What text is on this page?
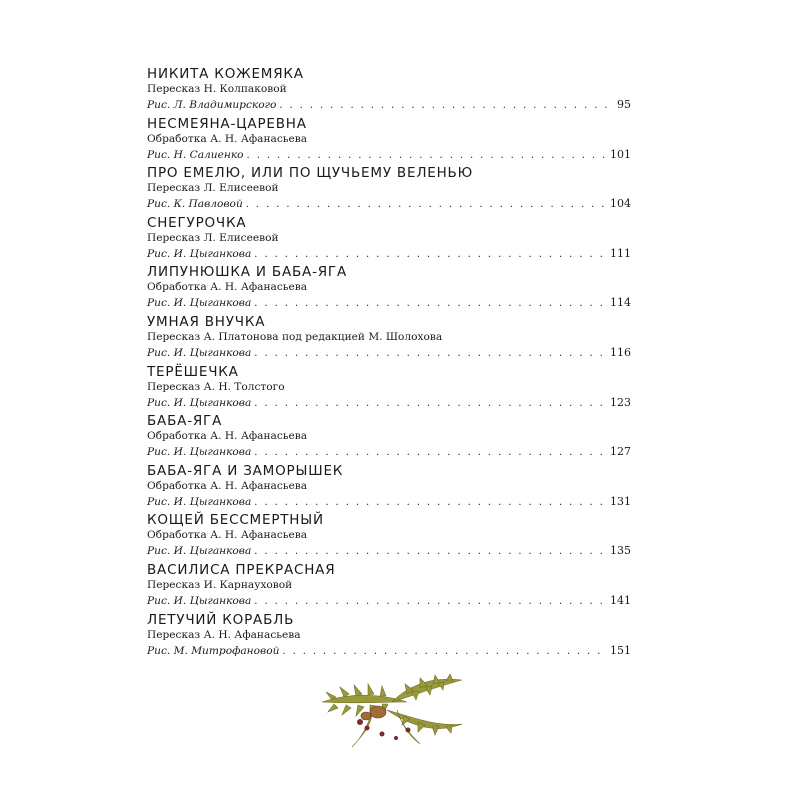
НИКИТА КОЖЕМЯКА
Пересказ Н. Колпаковой
Рис. Л. Владимирского . . .	95
НЕСМЕЯНА-ЦАРЕВНА
Обработка А. Н. Афанасьева
Рис. Н. Салиенко . . .	101
ПРО ЕМЕЛЮ, ИЛИ ПО ЩУЧЬЕМУ ВЕЛЕНЬЮ
Пересказ Л. Елисеевой
Рис. К. Павловой . . .	104
СНЕГУРОЧКА
Пересказ Л. Елисеевой
Рис. И. Цыганкова . . .	111
ЛИПУНЮШКА И БАБА-ЯГА
Обработка А. Н. Афанасьева
Рис. И. Цыганкова . . .	114
УМНАЯ ВНУЧКА
Пересказ А. Платонова под редакцией М. Шолохова
Рис. И. Цыганкова . . .	116
ТЕРЁШЕЧКА
Пересказ А. Н. Толстого
Рис. И. Цыганкова . . .	123
БАБА-ЯГА
Обработка А. Н. Афанасьева
Рис. И. Цыганкова . . .	127
БАБА-ЯГА И ЗАМОРЫШЕК
Обработка А. Н. Афанасьева
Рис. И. Цыганкова . . .	131
КОЩЕЙ БЕССМЕРТНЫЙ
Обработка А. Н. Афанасьева
Рис. И. Цыганкова . . .	135
ВАСИЛИСА ПРЕКРАСНАЯ
Пересказ И. Карнауховой
Рис. И. Цыганкова . . .	141
ЛЕТУЧИЙ КОРАБЛЬ
Пересказ А. Н. Афанасьева
Рис. М. Митрофановой . . .	151
